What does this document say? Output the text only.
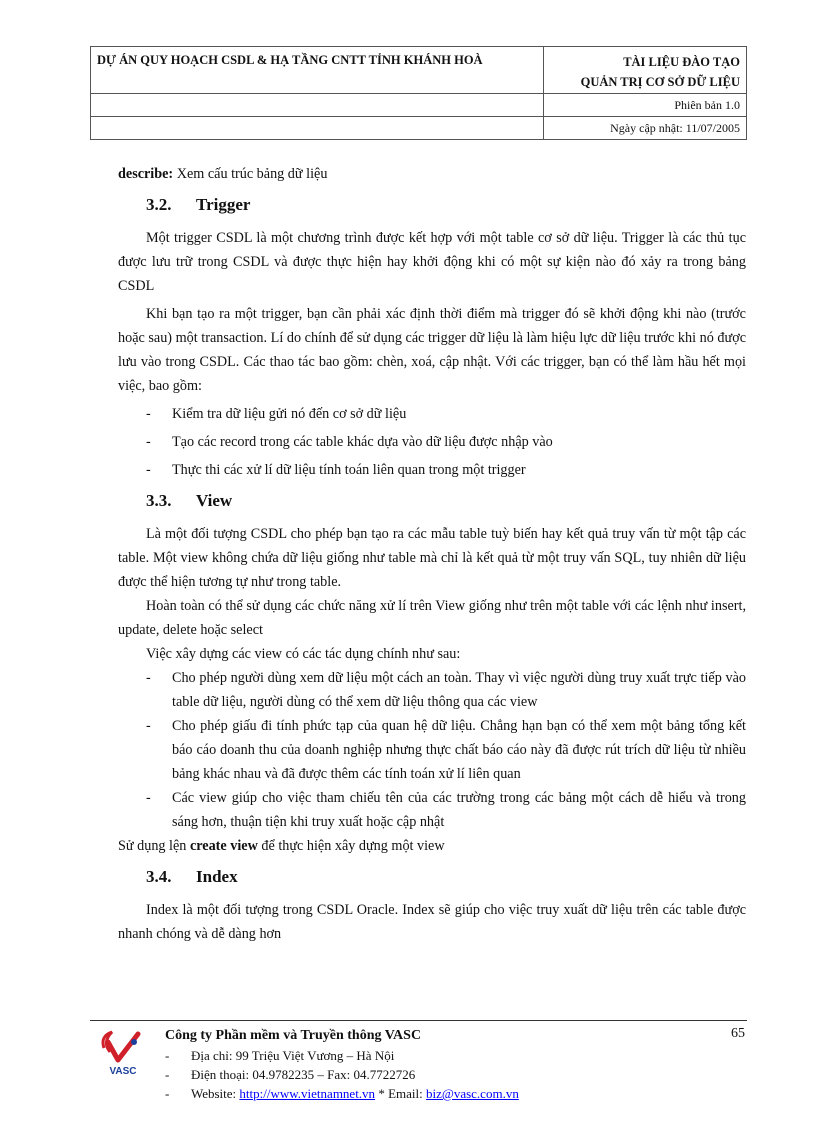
DỰ ÁN QUY HOẠCH CSDL & HẠ TẦNG CNTT TỈNH KHÁNH HOÀ	TÀI LIỆU ĐÀO TẠO
QUẢN TRỊ CƠ SỞ DỮ LIỆU

	Phiên bản 1.0
	Ngày cập nhật: 11/07/2005

describe: Xem cấu trúc bảng dữ liệu

3.2. Trigger

Một trigger CSDL là một chương trình được kết hợp với một table cơ sở dữ liệu. Trigger là các thủ tục được lưu trữ trong CSDL và được thực hiện hay khởi động khi có một sự kiện nào đó xảy ra trong bảng CSDL

Khi bạn tạo ra một trigger, bạn cần phải xác định thời điểm mà trigger đó sẽ khởi động khi nào (trước hoặc sau) một transaction. Lí do chính để sử dụng các trigger dữ liệu là làm hiệu lực dữ liệu trước khi nó được lưu vào trong CSDL. Các thao tác bao gồm: chèn, xoá, cập nhật. Với các trigger, bạn có thể làm hầu hết mọi việc, bao gồm:

- Kiểm tra dữ liệu gửi nó đến cơ sở dữ liệu

- Tạo các record trong các table khác dựa vào dữ liệu được nhập vào

- Thực thi các xử lí dữ liệu tính toán liên quan trong một trigger

3.3. View

Là một đối tượng CSDL cho phép bạn tạo ra các mẫu table tuỳ biến hay kết quả truy vấn từ một tập các table. Một view không chứa dữ liệu giống như table mà chỉ là kết quả từ một truy vấn SQL, tuy nhiên dữ liệu được thể hiện tương tự như trong table.

Hoàn toàn có thể sử dụng các chức năng xử lí trên View giống như trên một table với các lệnh như insert, update, delete hoặc select

Việc xây dựng các view có các tác dụng chính như sau:

- Cho phép người dùng xem dữ liệu một cách an toàn. Thay vì việc người dùng truy xuất trực tiếp vào table dữ liệu, người dùng có thể xem dữ liệu thông qua các view

- Cho phép giấu đi tính phức tạp của quan hệ dữ liệu. Chẳng hạn bạn có thể xem một bảng tổng kết báo cáo doanh thu của doanh nghiệp nhưng thực chất báo cáo này đã được rút trích dữ liệu từ nhiều bảng khác nhau và đã được thêm các tính toán xử lí liên quan

- Các view giúp cho việc tham chiếu tên của các trường trong các bảng một cách dễ hiểu và trong sáng hơn, thuận tiện khi truy xuất hoặc cập nhật

Sử dụng lện create view để thực hiện xây dựng một view

3.4. Index

Index là một đối tượng trong CSDL Oracle. Index sẽ giúp cho việc truy xuất dữ liệu trên các table được nhanh chóng và dễ dàng hơn

VASC
Công ty Phần mềm và Truyền thông VASC	65
- Địa chỉ: 99 Triệu Việt Vương – Hà Nội
- Điện thoại: 04.9782235 – Fax: 04.7722726
- Website: http://www.vietnamnet.vn * Email: biz@vasc.com.vn
